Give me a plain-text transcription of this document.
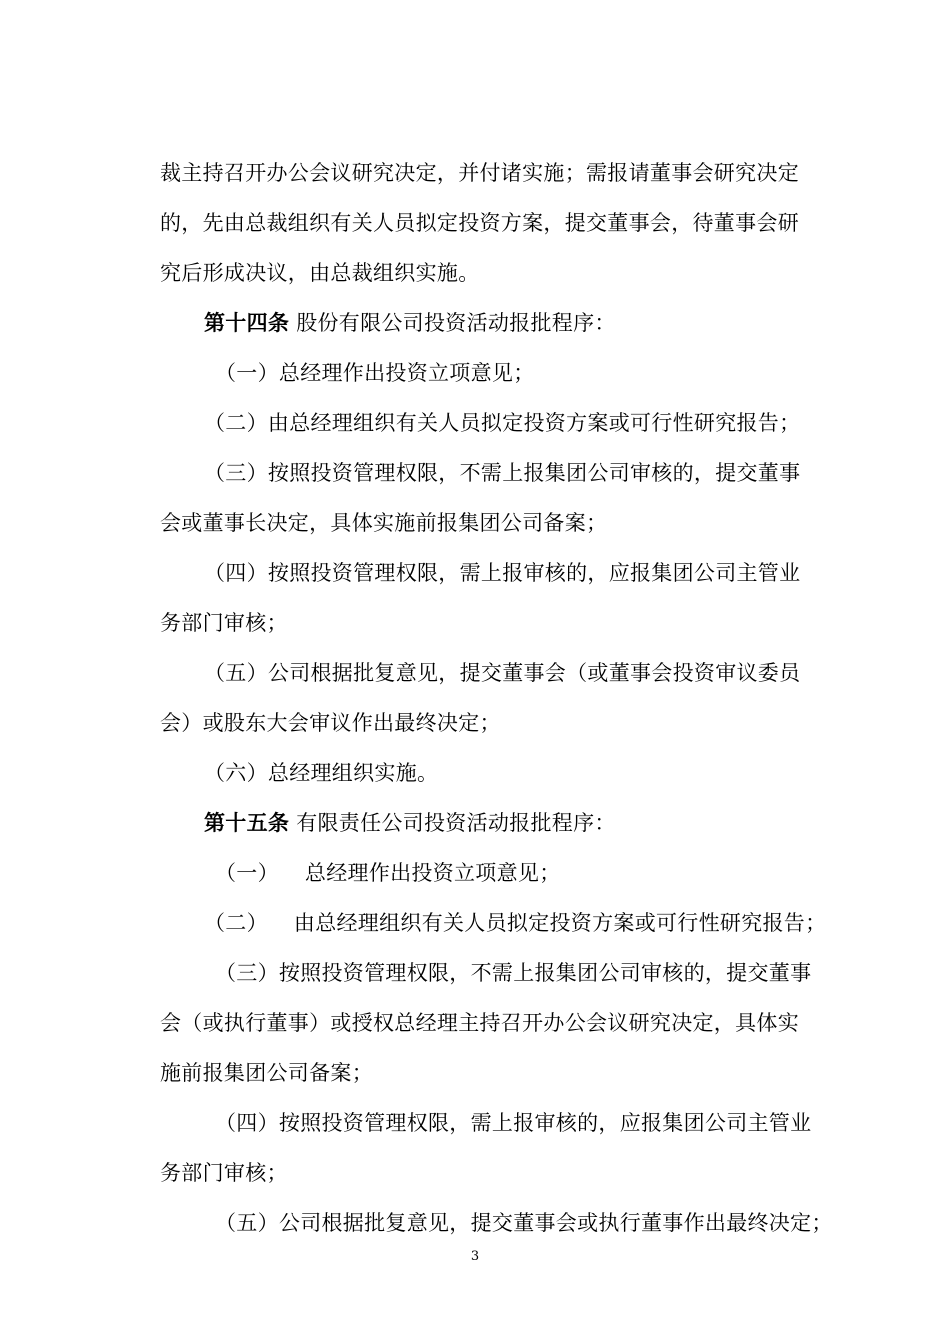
裁主持召开办公会议研究决定，并付诸实施；需报请董事会研究决定
的，先由总裁组织有关人员拟定投资方案，提交董事会，待董事会研
究后形成决议，由总裁组织实施。
第十四条 股份有限公司投资活动报批程序：
（一）总经理作出投资立项意见；
（二）由总经理组织有关人员拟定投资方案或可行性研究报告；
（三）按照投资管理权限，不需上报集团公司审核的，提交董事
会或董事长决定，具体实施前报集团公司备案；
（四）按照投资管理权限，需上报审核的，应报集团公司主管业
务部门审核；
（五）公司根据批复意见，提交董事会（或董事会投资审议委员
会）或股东大会审议作出最终决定；
（六）总经理组织实施。
第十五条 有限责任公司投资活动报批程序：
（一） 总经理作出投资立项意见；
（二） 由总经理组织有关人员拟定投资方案或可行性研究报告；
（三）按照投资管理权限，不需上报集团公司审核的，提交董事
会（或执行董事）或授权总经理主持召开办公会议研究决定，具体实
施前报集团公司备案；
（四）按照投资管理权限，需上报审核的，应报集团公司主管业
务部门审核；
（五）公司根据批复意见，提交董事会或执行董事作出最终决定；
3
